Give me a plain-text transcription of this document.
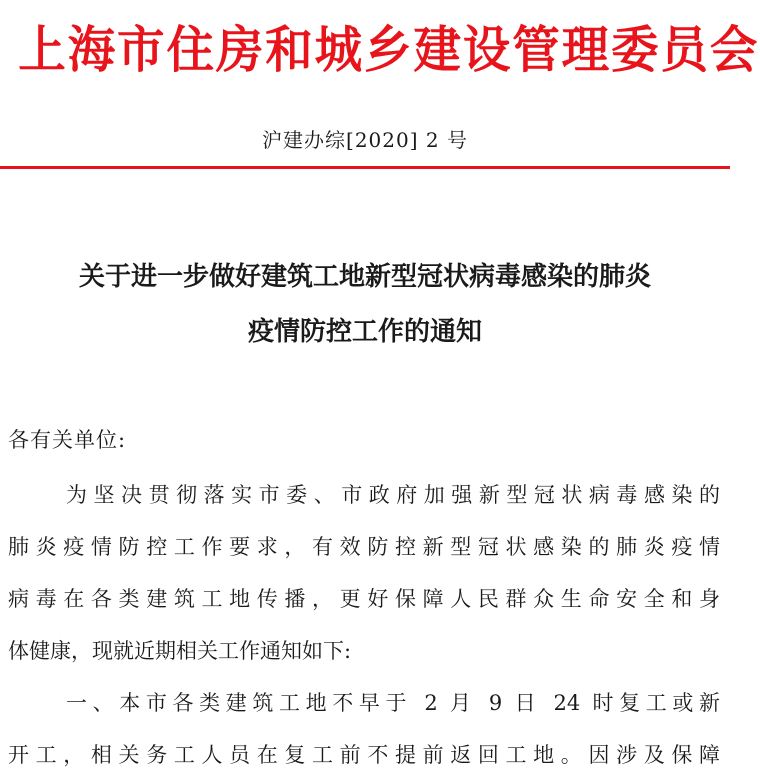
上海市住房和城乡建设管理委员会
沪建办综[2020] 2 号
关于进一步做好建筑工地新型冠状病毒感染的肺炎
疫情防控工作的通知
各有关单位:
为坚决贯彻落实市委、市政府加强新型冠状病毒感染的
肺炎疫情防控工作要求，有效防控新型冠状感染的肺炎疫情
病毒在各类建筑工地传播，更好保障人民群众生命安全和身
体健康，现就近期相关工作通知如下:
一、本市各类建筑工地不早于 2 月 9 日 24 时复工或新
开工，相关务工人员在复工前不提前返回工地。因涉及保障
